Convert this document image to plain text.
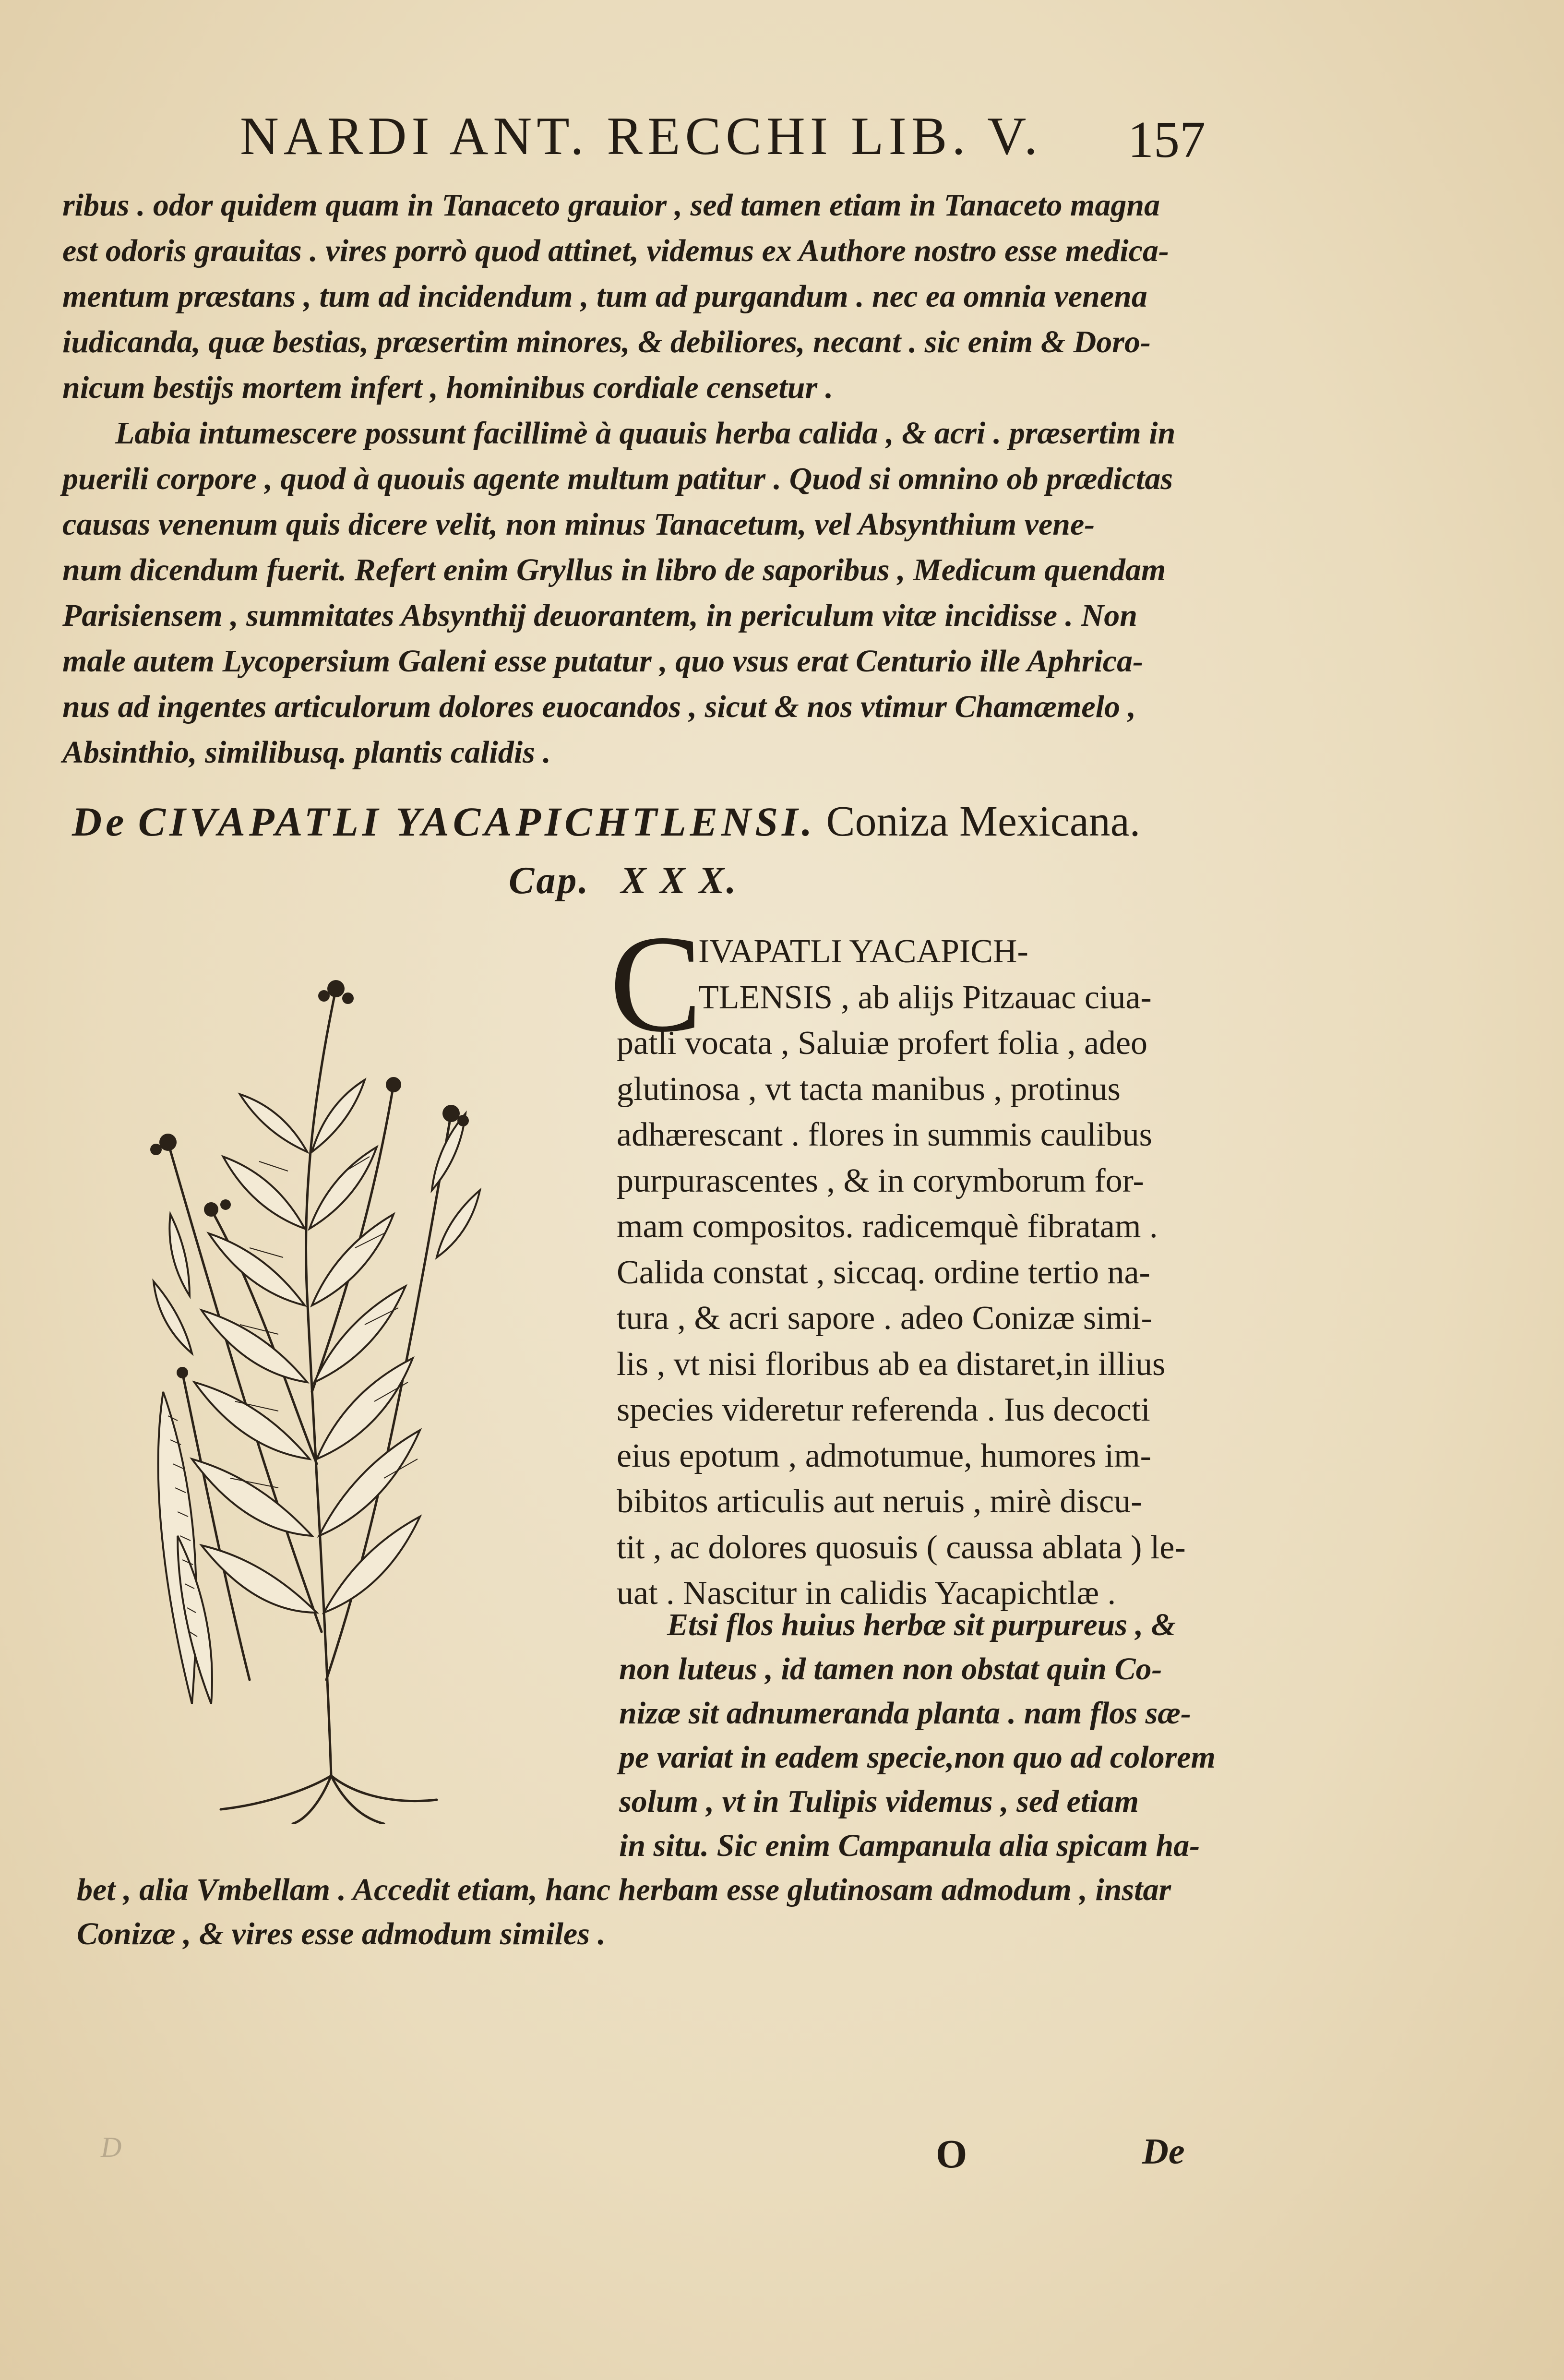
NARDI ANT. RECCHI LIB. V. 157
ribus . odor quidem quam in Tanaceto grauior , sed tamen etiam in Tanaceto magna
est odoris grauitas . vires porrò quod attinet, videmus ex Authore nostro esse medica-
mentum præstans , tum ad incidendum , tum ad purgandum . nec ea omnia venena
iudicanda, quæ bestias, præsertim minores, & debiliores, necant . sic enim & Doro-
nicum bestijs mortem infert , hominibus cordiale censetur .
Labia intumescere possunt facillimè à quauis herba calida , & acri . præsertim in
puerili corpore , quod à quouis agente multum patitur . Quod si omnino ob prædictas
causas venenum quis dicere velit, non minus Tanacetum, vel Absynthium vene-
num dicendum fuerit. Refert enim Gryllus in libro de saporibus , Medicum quendam
Parisiensem , summitates Absynthij deuorantem, in periculum vitæ incidisse . Non
male autem Lycopersium Galeni esse putatur , quo vsus erat Centurio ille Aphrica-
nus ad ingentes articulorum dolores euocandos , sicut & nos vtimur Chamæmelo ,
Absinthio, similibusq. plantis calidis .
De CIVAPATLI YACAPICHTLENSI. Coniza Mexicana.
Cap. X X X.
C
IVAPATLI YACAPICH-
TLENSIS , ab alijs Pitzauac ciua-
patli vocata , Saluiæ profert folia , adeo
glutinosa , vt tacta manibus , protinus
adhærescant . flores in summis caulibus
purpurascentes , & in corymborum for-
mam compositos. radicemquè fibratam .
Calida constat , siccaq. ordine tertio na-
tura , & acri sapore . adeo Conizæ simi-
lis , vt nisi floribus ab ea distaret,in illius
species videretur referenda . Ius decocti
eius epotum , admotumue, humores im-
bibitos articulis aut neruis , mirè discu-
tit , ac dolores quosuis ( caussa ablata ) le-
uat . Nascitur in calidis Yacapichtlæ .
Etsi flos huius herbæ sit purpureus , &
non luteus , id tamen non obstat quin Co-
nizæ sit adnumeranda planta . nam flos sæ-
pe variat in eadem specie,non quo ad colorem
solum , vt in Tulipis videmus , sed etiam
in situ. Sic enim Campanula alia spicam ha-
bet , alia Vmbellam . Accedit etiam, hanc herbam esse glutinosam admodum , instar
Conizæ , & vires esse admodum similes .
D	O	De
